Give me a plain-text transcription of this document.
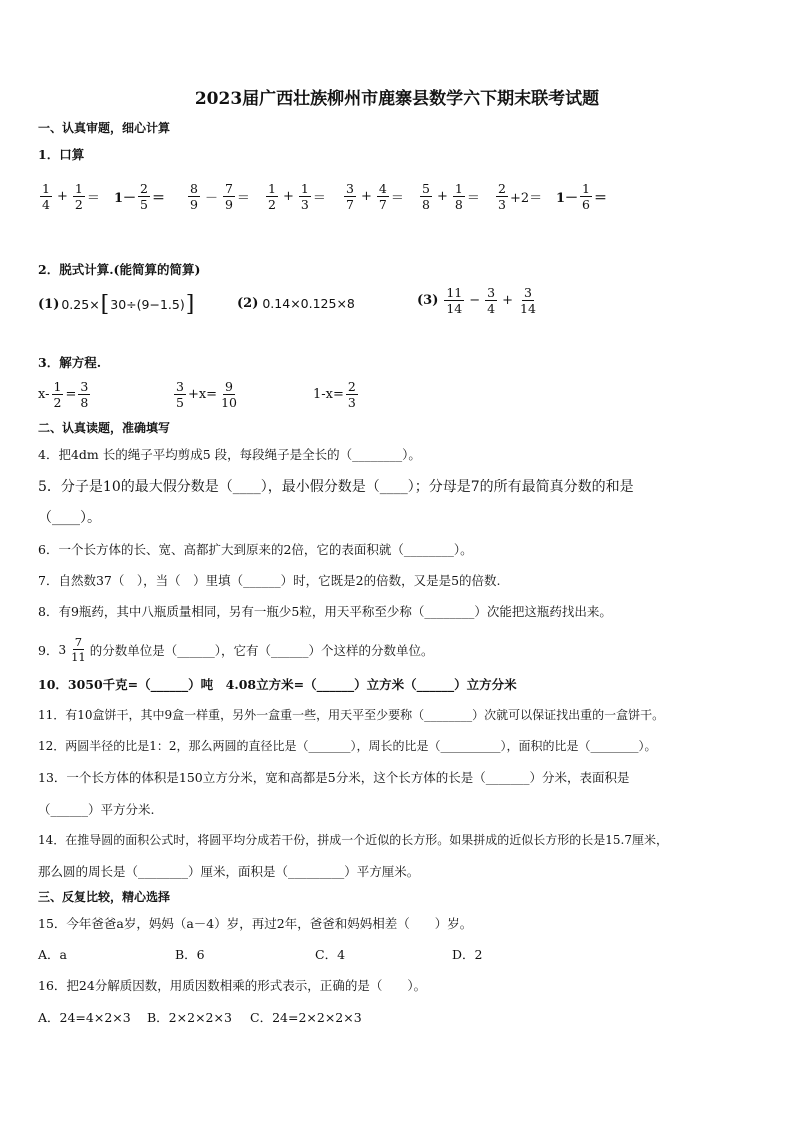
2023届广西壮族柳州市鹿寨县数学六下期末联考试题
一、认真审题，细心计算
1．口算
$\frac{1}{4} + \frac{1}{2} = 1- \frac{2}{5} = \frac{8}{9} - \frac{7}{9} = \frac{1}{2} + \frac{1}{3} = \frac{3}{7} + \frac{4}{7} = \frac{5}{8} + \frac{1}{8} = \frac{2}{3} +2= 1- \frac{1}{6}$ ＝
2．脱式计算.(能简算的简算)
(1) 0.25× [ 30÷(9−1.5) ]	(2) 0.14×0.125×8	$(3) \frac{11}{14} - \frac{3}{4} + \frac{3}{14}$
3．解方程.
$x- \frac{1}{2} = \frac{3}{8}$	$\frac{3}{5} +x= \frac{9}{10}$	$1-x= \frac{2}{3}$
二、认真读题，准确填写
4．把4dm 长的绳子平均剪成5 段，每段绳子是全长的（________）。
5．分子是10的最大假分数是（____），最小假分数是（____）；分母是7的所有最简真分数的和是
（____）。
6．一个长方体的长、宽、高都扩大到原来的2倍，它的表面积就（________）。
7．自然数37（　），当（　）里填（______）时，它既是2的倍数，又是是5的倍数.
8．有9瓶药，其中八瓶质量相同，另有一瓶少5粒，用天平称至少称（________）次能把这瓶药找出来。
9． $3 \frac{7}{11}$ 的分数单位是（______），它有（______）个这样的分数单位。
10．3050千克=（______）吨　4.08立方米=（______）立方米（______）立方分米
11．有10盒饼干，其中9盒一样重，另外一盒重一些，用天平至少要称（________）次就可以保证找出重的一盒饼干。
12．两圆半径的比是1：2，那么两圆的直径比是（_______），周长的比是（__________），面积的比是（________）。
13．一个长方体的体积是150立方分米，宽和高都是5分米，这个长方体的长是（_______）分米，表面积是
（______）平方分米.
14．在推导圆的面积公式时，将圆平均分成若干份，拼成一个近似的长方形。如果拼成的近似长方形的长是15.7厘米，
那么圆的周长是（________）厘米，面积是（_________）平方厘米。
三、反复比较，精心选择
15．今年爸爸a岁，妈妈（a－4）岁，再过2年，爸爸和妈妈相差（　　）岁。
A．a	B．6	C．4	D．2
16．把24分解质因数，用质因数相乘的形式表示，正确的是（　　）。
A．24=4×2×3 B．2×2×2×3 C．24=2×2×2×3
